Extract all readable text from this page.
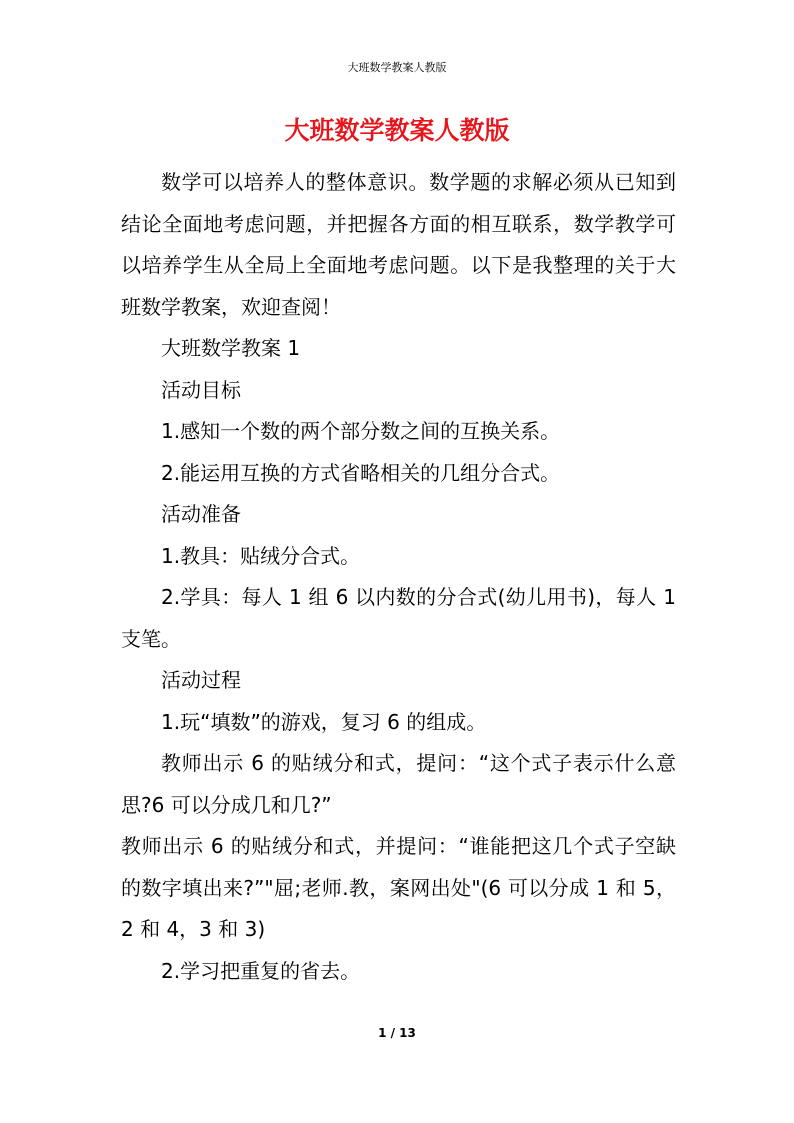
大班数学教案人教版
大班数学教案人教版

数学可以培养人的整体意识。数学题的求解必须从已知到结论全面地考虑问题，并把握各方面的相互联系，数学教学可以培养学生从全局上全面地考虑问题。以下是我整理的关于大班数学教案，欢迎查阅！

大班数学教案 1

活动目标

1.感知一个数的两个部分数之间的互换关系。

2.能运用互换的方式省略相关的几组分合式。

活动准备

1.教具：贴绒分合式。

2.学具：每人 1 组 6 以内数的分合式(幼儿用书)，每人 1 支笔。

活动过程

1.玩“填数”的游戏，复习 6 的组成。

教师出示 6 的贴绒分和式，提问：“这个式子表示什么意思?6 可以分成几和几?”

教师出示 6 的贴绒分和式，并提问：“谁能把这几个式子空缺的数字填出来?”"屈;老师.教，案网出处"(6 可以分成 1 和 5，2 和 4，3 和 3)

2.学习把重复的省去。

1 / 13
